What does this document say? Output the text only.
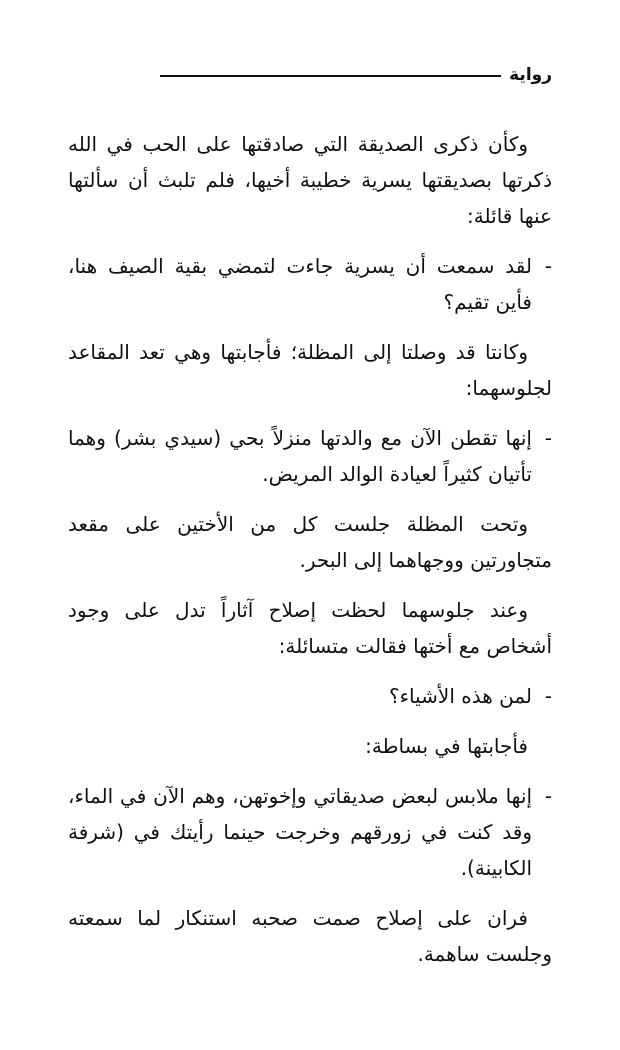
رواية

وكأن ذكرى الصديقة التي صادقتها على الحب في الله ذكرتها بصديقتها يسرية خطيبة أخيها، فلم تلبث أن سألتها عنها قائلة:

-
لقد سمعت أن يسرية جاءت لتمضي بقية الصيف هنا، فأين تقيم؟

وكانتا قد وصلتا إلى المظلة؛ فأجابتها وهي تعد المقاعد لجلوسهما:

-
إنها تقطن الآن مع والدتها منزلاً بحي (سيدي بشر) وهما تأتيان كثيراً لعيادة الوالد المريض.

وتحت المظلة جلست كل من الأختين على مقعد متجاورتين ووجهاهما إلى البحر.

وعند جلوسهما لحظت إصلاح آثاراً تدل على وجود أشخاص مع أختها فقالت متسائلة:

-
لمن هذه الأشياء؟

فأجابتها في بساطة:

-
إنها ملابس لبعض صديقاتي وإخوتهن، وهم الآن في الماء، وقد كنت في زورقهم وخرجت حينما رأيتك في (شرفة الكابينة).

فران على إصلاح صمت صحبه استنكار لما سمعته وجلست ساهمة.
